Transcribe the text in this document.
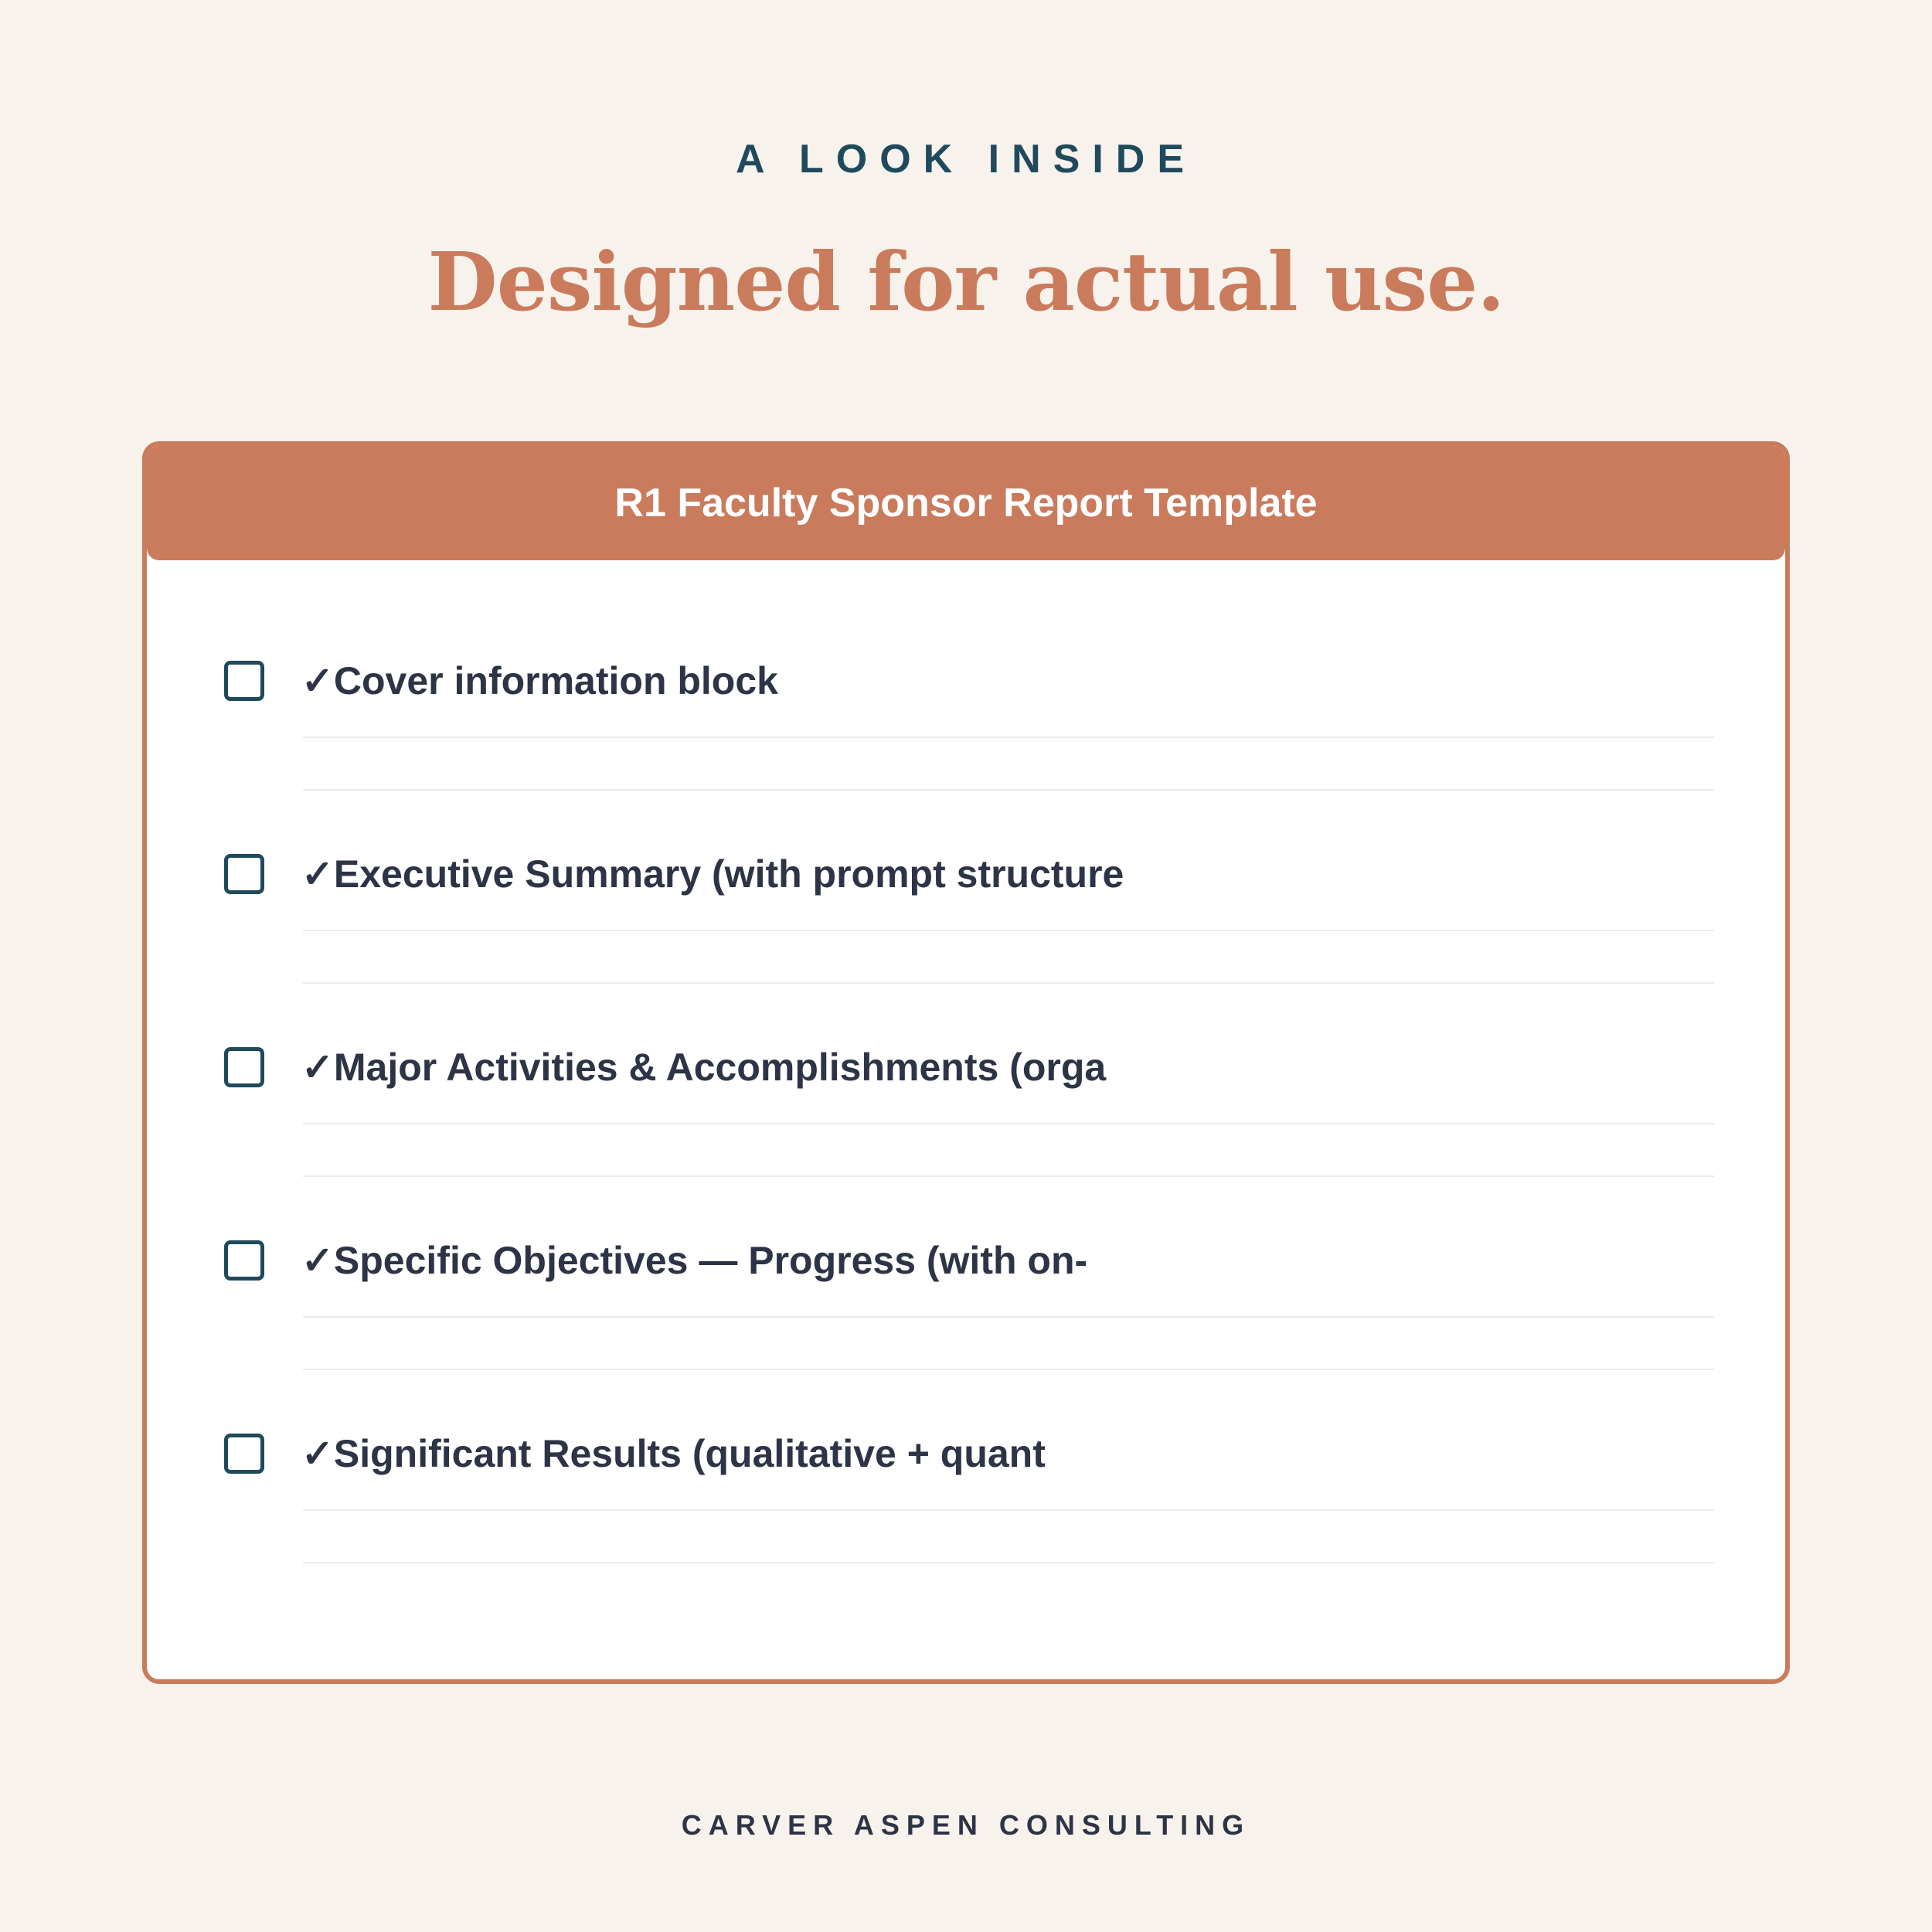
A LOOK INSIDE
Designed for actual use.
R1 Faculty Sponsor Report Template
✓Cover information block
✓Executive Summary (with prompt structure
✓Major Activities & Accomplishments (orga
✓Specific Objectives — Progress (with on-
✓Significant Results (qualitative + quant
CARVER ASPEN CONSULTING
